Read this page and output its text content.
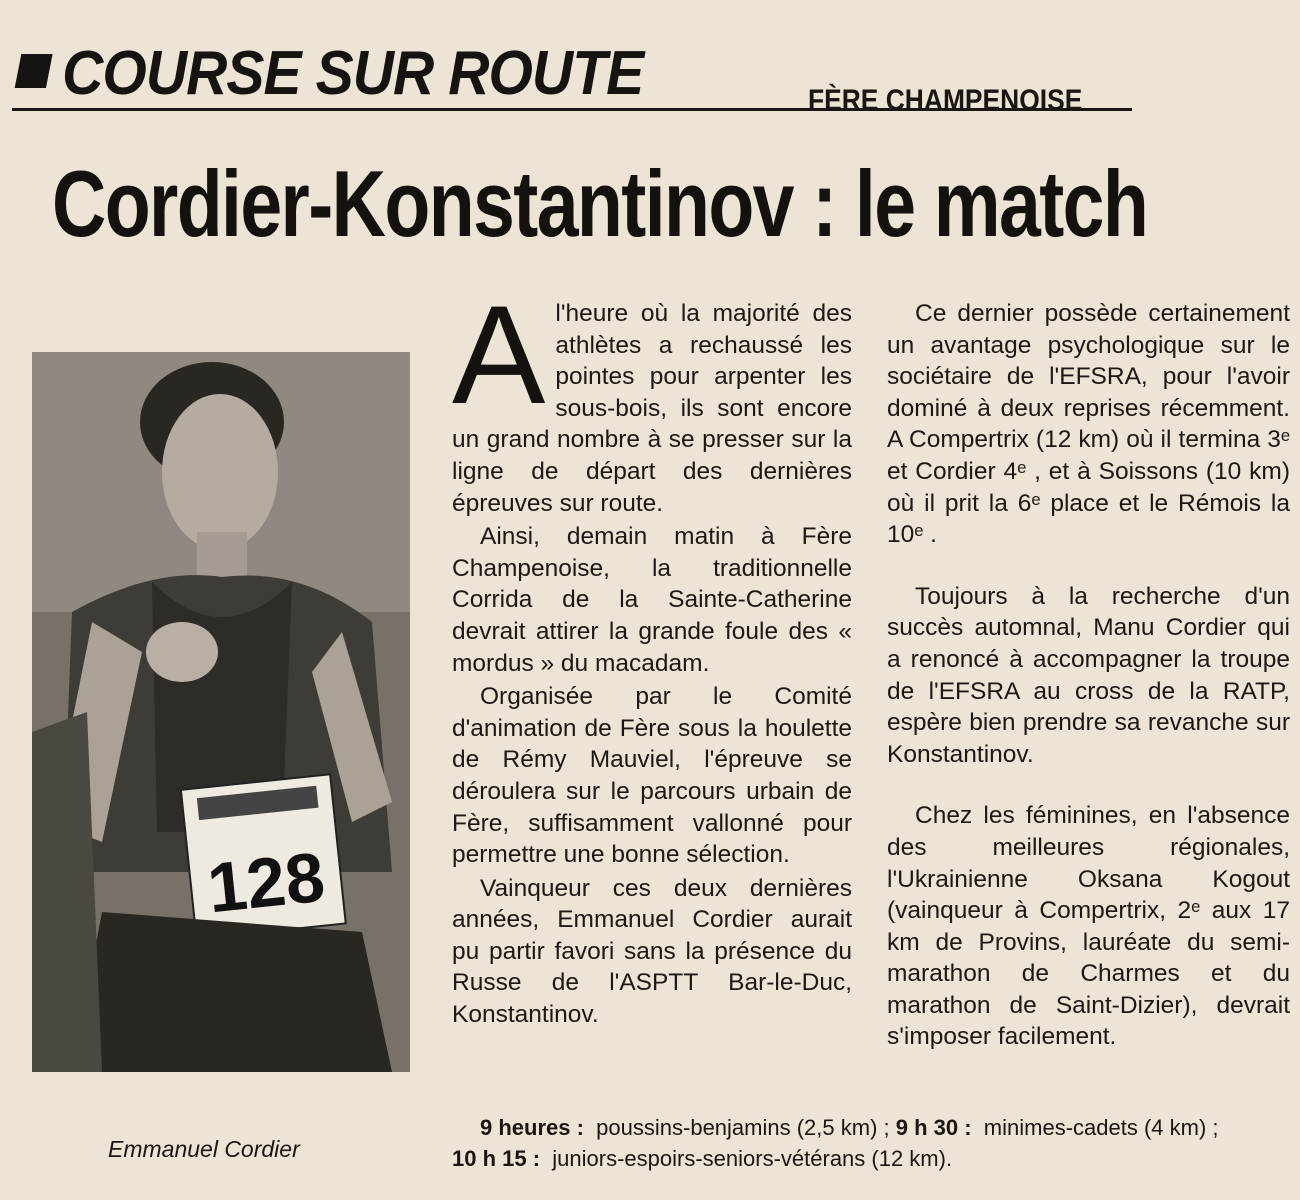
COURSE SUR ROUTE	FÈRE CHAMPENOISE
Cordier-Konstantinov : le match
128
Emmanuel Cordier

Al'heure où la majorité des athlètes a rechaussé les pointes pour arpenter les sous-bois, ils sont encore un grand nombre à se presser sur la ligne de départ des dernières épreuves sur route.

Ainsi, demain matin à Fère Champenoise, la traditionnelle Corrida de la Sainte-Catherine devrait attirer la grande foule des « mordus » du macadam.

Organisée par le Comité d'animation de Fère sous la houlette de Rémy Mauviel, l'épreuve se déroulera sur le parcours urbain de Fère, suffisamment vallonné pour permettre une bonne sélection.

Vainqueur ces deux dernières années, Emmanuel Cordier aurait pu partir favori sans la présence du Russe de l'ASPTT Bar-le-Duc, Konstantinov.

Ce dernier possède certainement un avantage psychologique sur le sociétaire de l'EFSRA, pour l'avoir dominé à deux reprises récemment. A Compertrix (12 km) où il termina 3ᵉ et Cordier 4ᵉ , et à Soissons (10 km) où il prit la 6ᵉ place et le Rémois la 10ᵉ .

Toujours à la recherche d'un succès automnal, Manu Cordier qui a renoncé à accompagner la troupe de l'EFSRA au cross de la RATP, espère bien prendre sa revanche sur Konstantinov.

Chez les féminines, en l'absence des meilleures régionales, l'Ukrainienne Oksana Kogout (vainqueur à Compertrix, 2ᵉ aux 17 km de Provins, lauréate du semi-marathon de Charmes et du marathon de Saint-Dizier), devrait s'imposer facilement.

9 heures : poussins-benjamins (2,5 km) ; 9 h 30 : minimes-cadets (4 km) ;
10 h 15 : juniors-espoirs-seniors-vétérans (12 km).
